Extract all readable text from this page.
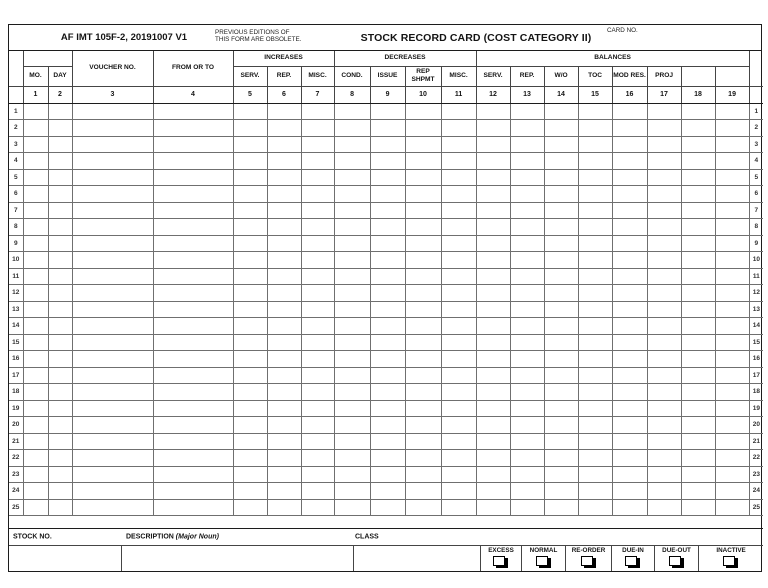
AF IMT 105F-2, 20191007 V1	PREVIOUS EDITIONS OF
THIS FORM ARE OBSOLETE.	STOCK RECORD CARD (COST CATEGORY II)
CARD NO.
			VOUCHER NO.	FROM OR TO	INCREASES			DECREASES				BALANCES								
	MO.	DAY			SERV.	REP.	MISC.	COND.	ISSUE	REP SHPMT	MISC.	SERV.	REP.	W/O	TOC	MOD RES.	PROJ			
	1	2	3	4	5	6	7	8	9	10	11	12	13	14	15	16	17	18	19	
1																				1
2																				2
3																				3
4																				4
5																				5
6																				6
7																				7
8																				8
9																				9
10																				10
11																				11
12																				12
13																				13
14																				14
15																				15
16																				16
17																				17
18																				18
19																				19
20																				20
21																				21
22																				22
23																				23
24																				24
25																				25

STOCK NO. DESCRIPTION (Major Noun) CLASS																				

EXCESS	NORMAL RE-ORDER	DUE-IN	DUE-OUT	INACTIVE
